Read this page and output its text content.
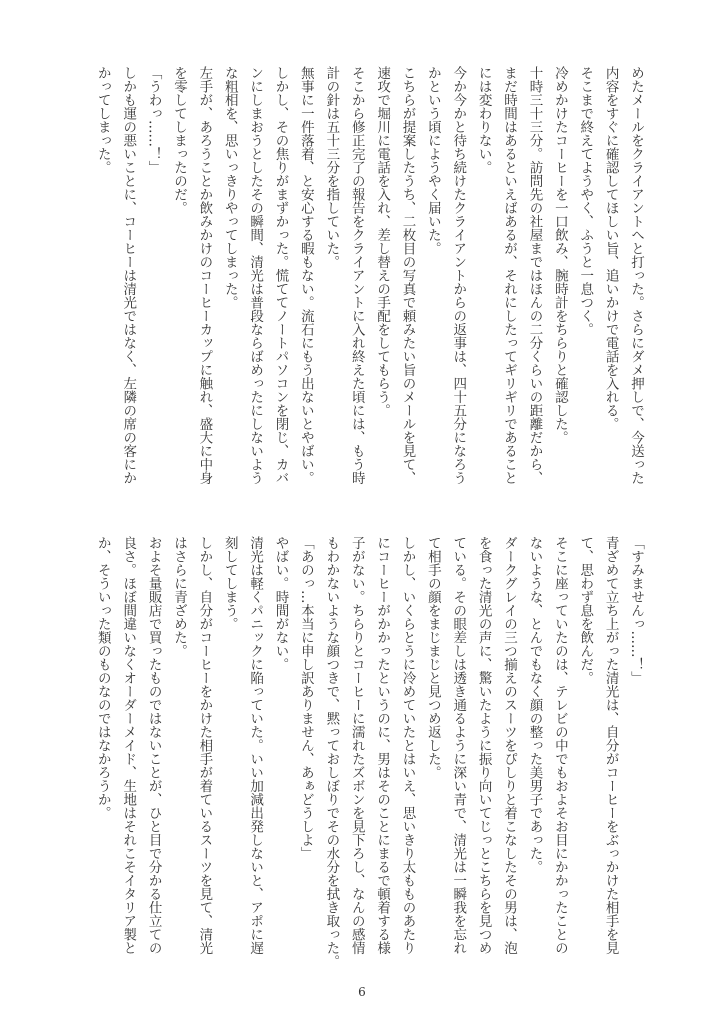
めたメールをクライアントへと打った。さらにダメ押しで、今送った
内容をすぐに確認してほしい旨、追いかけで電話を入れる。
そこまで終えてようやく、ふうと一息つく。
冷めかけたコーヒーを一口飲み、腕時計をちらりと確認した。
十時三十三分。訪問先の社屋まではほんの二分くらいの距離だから、
まだ時間はあるといえばあるが、それにしたってギリギリであること
には変わりない。
今か今かと待ち続けたクライアントからの返事は、四十五分になろう
かという頃にようやく届いた。
こちらが提案したうち、二枚目の写真で頼みたい旨のメールを見て、
速攻で堀川に電話を入れ、差し替えの手配をしてもらう。
そこから修正完了の報告をクライアントに入れ終えた頃には、もう時
計の針は五十三分を指していた。
無事に一件落着、と安心する暇もない。流石にもう出ないとやばい。
しかし、その焦りがまずかった。慌ててノートパソコンを閉じ、カバ
ンにしまおうとしたその瞬間、清光は普段ならばめったにしないよう
な粗相を、思いっきりやってしまった。
左手が、あろうことか飲みかけのコーヒーカップに触れ、盛大に中身
を零してしまったのだ。
「うわっ……！」
しかも運の悪いことに、コーヒーは清光ではなく、左隣の席の客にか
かってしまった。
「すみませんっ……！」
青ざめて立ち上がった清光は、自分がコーヒーをぶっかけた相手を見
て、思わず息を飲んだ。
そこに座っていたのは、テレビの中でもおよそお目にかかったことの
ないような、とんでもなく顔の整った美男子であった。
ダークグレイの三つ揃えのスーツをぴしりと着こなしたその男は、泡
を食った清光の声に、驚いたように振り向いてじっとこちらを見つめ
ている。その眼差しは透き通るように深い青で、清光は一瞬我を忘れ
て相手の顔をまじまじと見つめ返した。
しかし、いくらとうに冷めていたとはいえ、思いきり太もものあたり
にコーヒーがかかったというのに、男はそのことにまるで頓着する様
子がない。ちらりとコーヒーに濡れたズボンを見下ろし、なんの感情
もわかないような顔つきで、黙っておしぼりでその水分を拭き取った。
「あのっ…本当に申し訳ありません、あぁどうしよ」
やばい。時間がない。
清光は軽くパニックに陥っていた。いい加減出発しないと、アポに遅
刻してしまう。
しかし、自分がコーヒーをかけた相手が着ているスーツを見て、清光
はさらに青ざめた。
およそ量販店で買ったものではないことが、ひと目で分かる仕立ての
良さ。ほぼ間違いなくオーダーメイド、生地はそれこそイタリア製と
か、そういった類のものなのではなかろうか。
6
